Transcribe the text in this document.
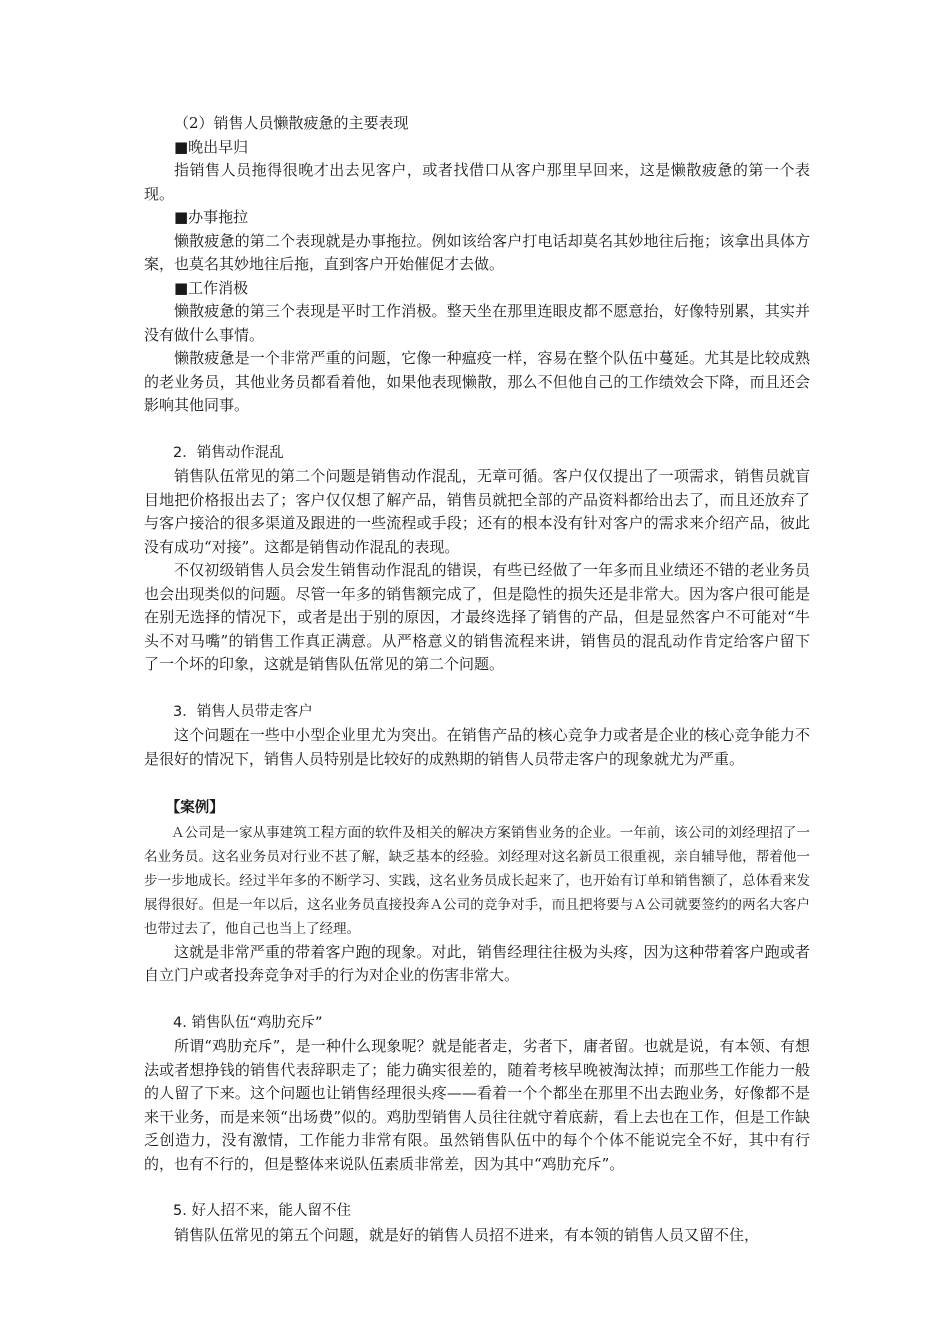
（2）销售人员懒散疲惫的主要表现

■晚出早归

指销售人员拖得很晚才出去见客户，或者找借口从客户那里早回来，这是懒散疲惫的第一个表现。

■办事拖拉

懒散疲惫的第二个表现就是办事拖拉。例如该给客户打电话却莫名其妙地往后拖；该拿出具体方案，也莫名其妙地往后拖，直到客户开始催促才去做。

■工作消极

懒散疲惫的第三个表现是平时工作消极。整天坐在那里连眼皮都不愿意抬，好像特别累，其实并没有做什么事情。

懒散疲惫是一个非常严重的问题，它像一种瘟疫一样，容易在整个队伍中蔓延。尤其是比较成熟的老业务员，其他业务员都看着他，如果他表现懒散，那么不但他自己的工作绩效会下降，而且还会影响其他同事。

2．销售动作混乱

销售队伍常见的第二个问题是销售动作混乱，无章可循。客户仅仅提出了一项需求，销售员就盲目地把价格报出去了；客户仅仅想了解产品，销售员就把全部的产品资料都给出去了，而且还放弃了与客户接洽的很多渠道及跟进的一些流程或手段；还有的根本没有针对客户的需求来介绍产品，彼此没有成功“对接”。这都是销售动作混乱的表现。

不仅初级销售人员会发生销售动作混乱的错误，有些已经做了一年多而且业绩还不错的老业务员也会出现类似的问题。尽管一年多的销售额完成了，但是隐性的损失还是非常大。因为客户很可能是在别无选择的情况下，或者是出于别的原因，才最终选择了销售的产品，但是显然客户不可能对“牛头不对马嘴”的销售工作真正满意。从严格意义的销售流程来讲，销售员的混乱动作肯定给客户留下了一个坏的印象，这就是销售队伍常见的第二个问题。

3．销售人员带走客户

这个问题在一些中小型企业里尤为突出。在销售产品的核心竞争力或者是企业的核心竞争能力不是很好的情况下，销售人员特别是比较好的成熟期的销售人员带走客户的现象就尤为严重。

【案例】

Ａ公司是一家从事建筑工程方面的软件及相关的解决方案销售业务的企业。一年前，该公司的刘经理招了一名业务员。这名业务员对行业不甚了解，缺乏基本的经验。刘经理对这名新员工很重视，亲自辅导他，帮着他一步一步地成长。经过半年多的不断学习、实践，这名业务员成长起来了，也开始有订单和销售额了，总体看来发展得很好。但是一年以后，这名业务员直接投奔Ａ公司的竞争对手，而且把将要与Ａ公司就要签约的两名大客户也带过去了，他自己也当上了经理。

这就是非常严重的带着客户跑的现象。对此，销售经理往往极为头疼，因为这种带着客户跑或者自立门户或者投奔竞争对手的行为对企业的伤害非常大。

4. 销售队伍“鸡肋充斥”

所谓“鸡肋充斥”，是一种什么现象呢？就是能者走，劣者下，庸者留。也就是说，有本领、有想法或者想挣钱的销售代表辞职走了；能力确实很差的，随着考核早晚被淘汰掉；而那些工作能力一般的人留了下来。这个问题也让销售经理很头疼——看着一个个都坐在那里不出去跑业务，好像都不是来干业务，而是来领“出场费”似的。鸡肋型销售人员往往就守着底薪，看上去也在工作，但是工作缺乏创造力，没有激情，工作能力非常有限。虽然销售队伍中的每个个体不能说完全不好，其中有行的，也有不行的，但是整体来说队伍素质非常差，因为其中“鸡肋充斥”。

5. 好人招不来，能人留不住

销售队伍常见的第五个问题，就是好的销售人员招不进来，有本领的销售人员又留不住，
